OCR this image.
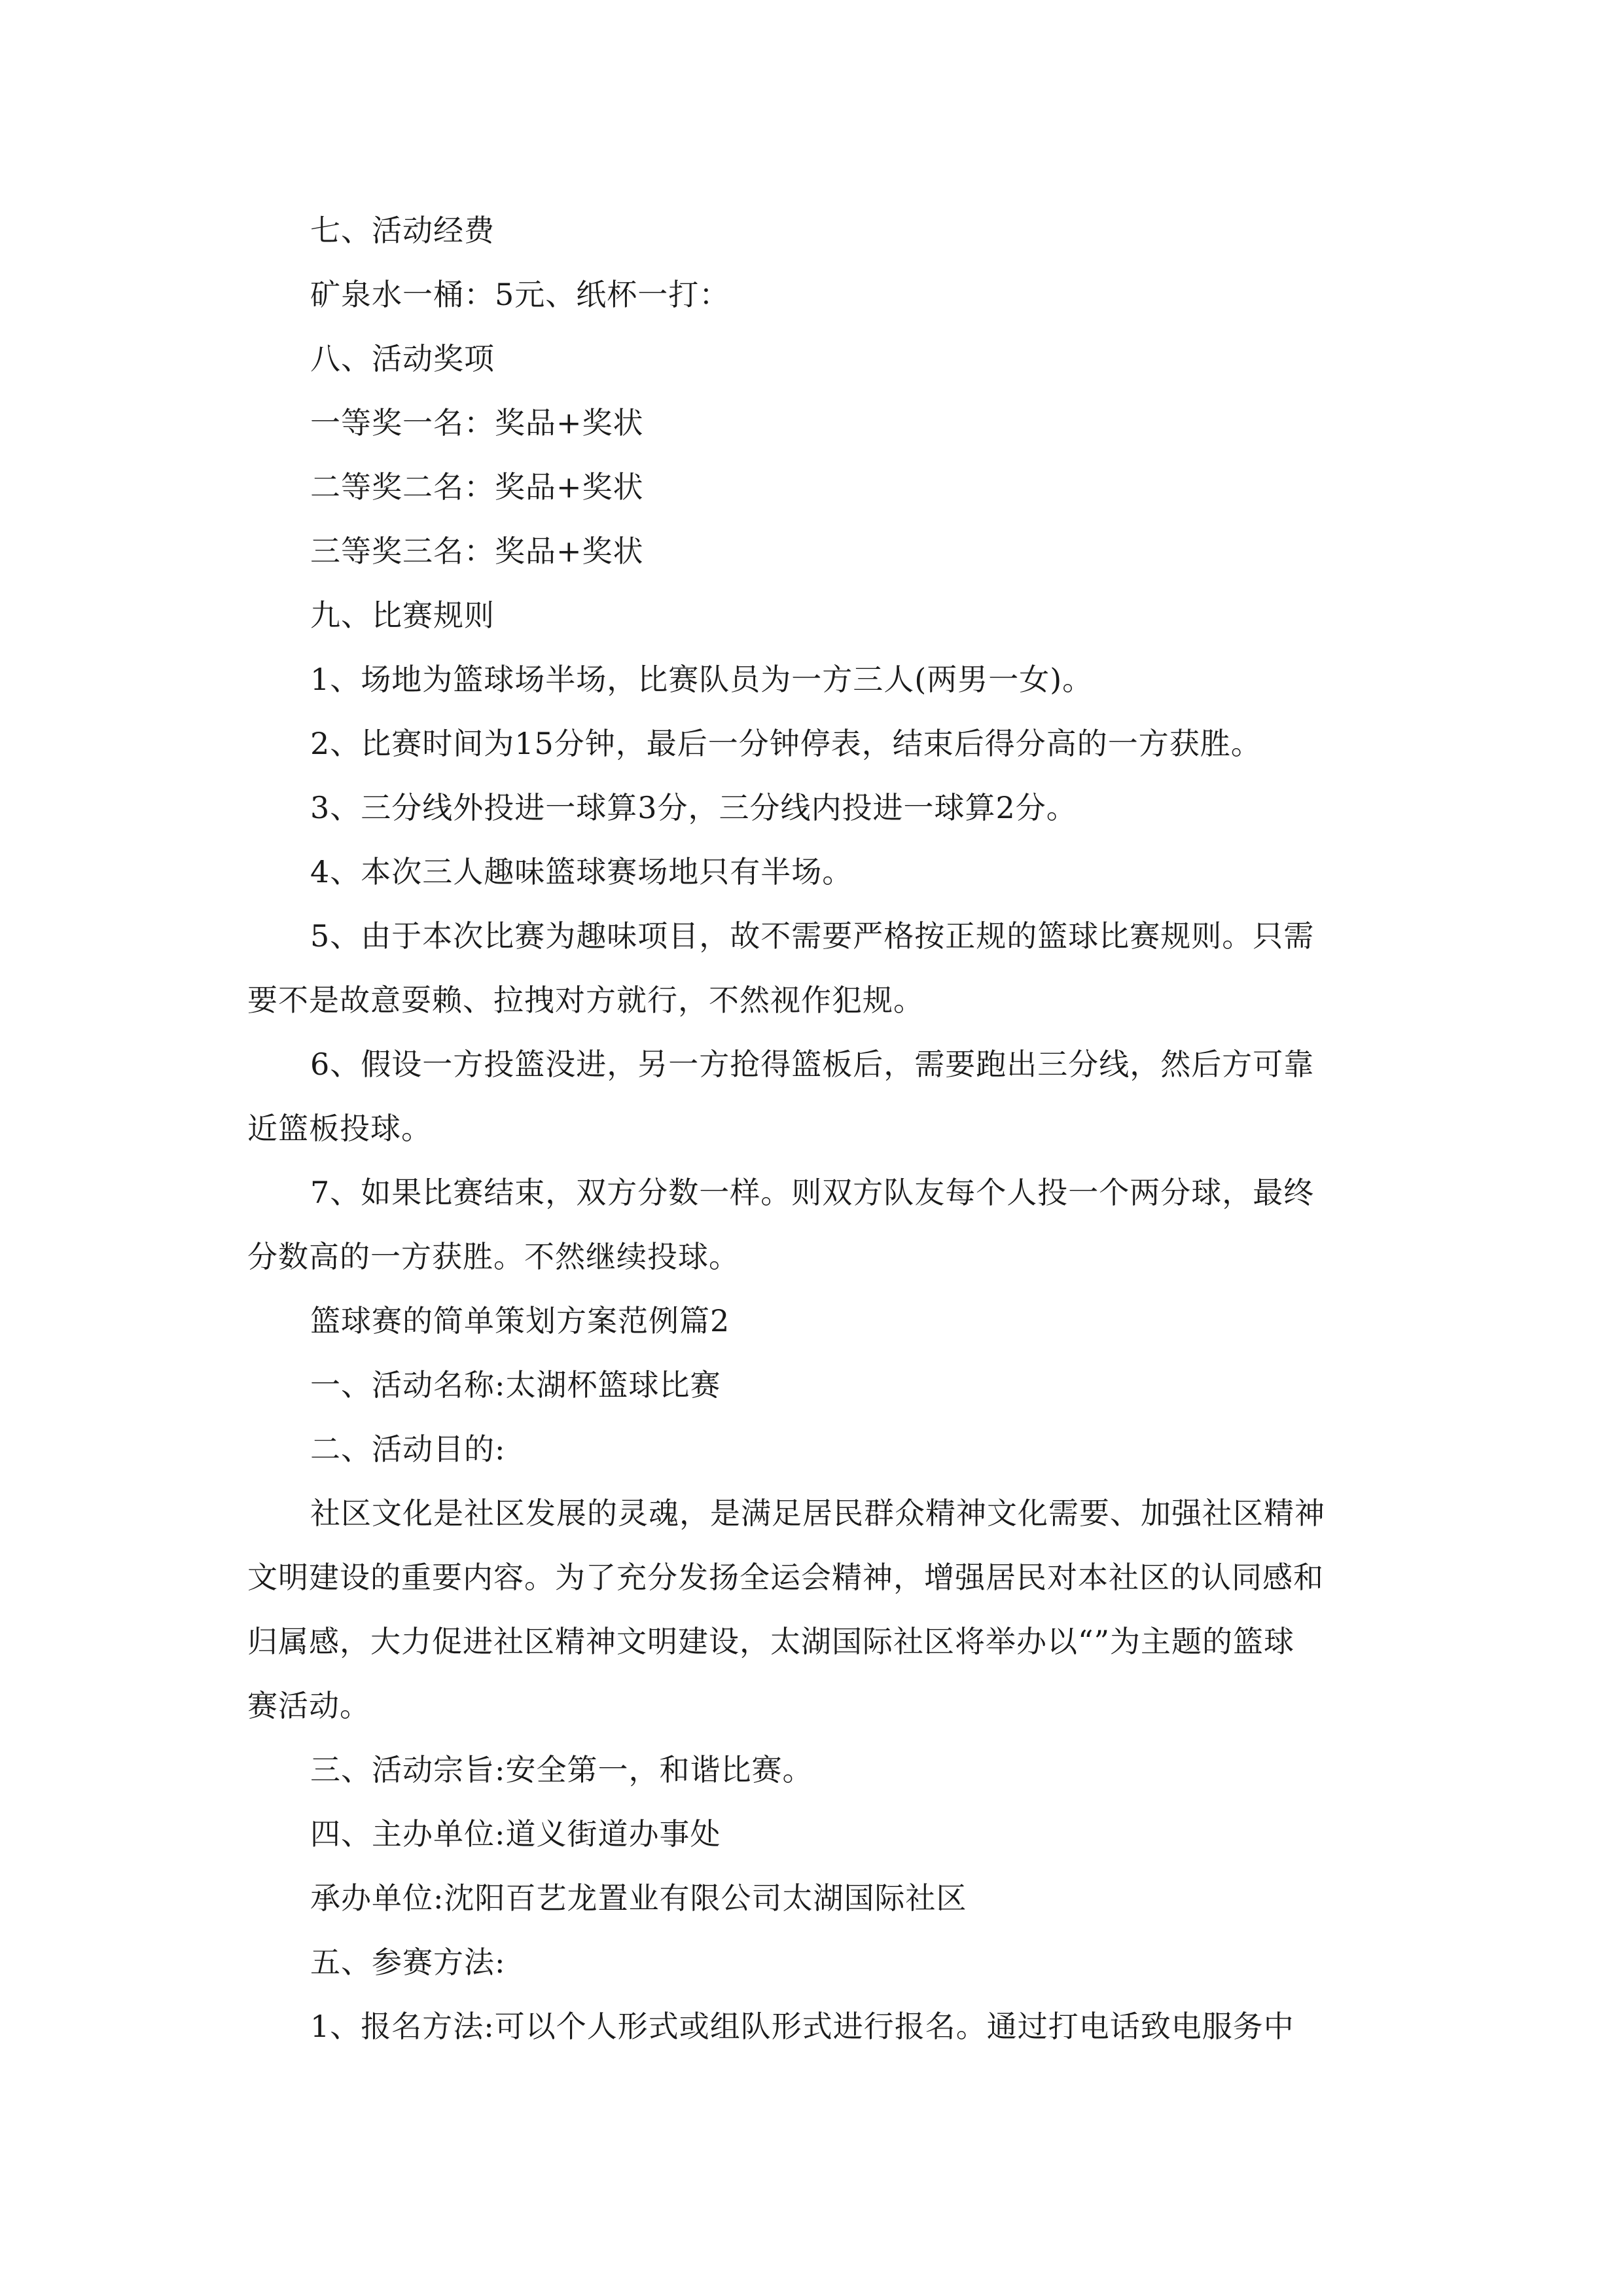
七、活动经费
矿泉水一桶：5元、纸杯一打：
八、活动奖项
一等奖一名：奖品+奖状
二等奖二名：奖品+奖状
三等奖三名：奖品+奖状
九、比赛规则
1、场地为篮球场半场，比赛队员为一方三人(两男一女)。
2、比赛时间为15分钟，最后一分钟停表，结束后得分高的一方获胜。
3、三分线外投进一球算3分，三分线内投进一球算2分。
4、本次三人趣味篮球赛场地只有半场。
5、由于本次比赛为趣味项目，故不需要严格按正规的篮球比赛规则。只需
要不是故意耍赖、拉拽对方就行，不然视作犯规。
6、假设一方投篮没进，另一方抢得篮板后，需要跑出三分线，然后方可靠
近篮板投球。
7、如果比赛结束，双方分数一样。则双方队友每个人投一个两分球，最终
分数高的一方获胜。不然继续投球。
篮球赛的简单策划方案范例篇2
一、活动名称:太湖杯篮球比赛
二、活动目的:
社区文化是社区发展的灵魂，是满足居民群众精神文化需要、加强社区精神
文明建设的重要内容。为了充分发扬全运会精神，增强居民对本社区的认同感和
归属感，大力促进社区精神文明建设，太湖国际社区将举办以“”为主题的篮球
赛活动。
三、活动宗旨:安全第一，和谐比赛。
四、主办单位:道义街道办事处
承办单位:沈阳百艺龙置业有限公司太湖国际社区
五、参赛方法:
1、报名方法:可以个人形式或组队形式进行报名。通过打电话致电服务中
